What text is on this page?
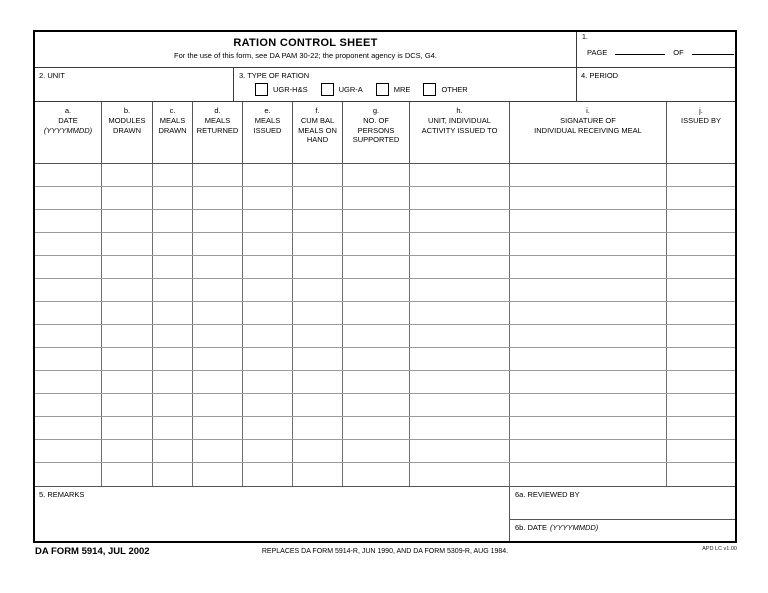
RATION CONTROL SHEET
For the use of this form, see DA PAM 30-22; the proponent agency is DCS, G4.
1.
PAGE	OF
2. UNIT	3. TYPE OF RATION
UGR-H&S	UGR-A	MRE	OTHER
4. PERIOD
a.
DATE
(YYYYMMDD)
b.
MODULES
DRAWN
c.
MEALS
DRAWN
d.
MEALS
RETURNED
e.
MEALS
ISSUED
f.
CUM BAL
MEALS ON
HAND
g.
NO. OF
PERSONS
SUPPORTED
h.
UNIT, INDIVIDUAL
ACTIVITY ISSUED TO
i.
SIGNATURE OF
INDIVIDUAL RECEIVING MEAL
j.
ISSUED BY
5. REMARKS	6a. REVIEWED BY
6b. DATE (YYYYMMDD)
DA FORM 5914, JUL 2002	REPLACES DA FORM 5914-R, JUN 1990, AND DA FORM 5309-R, AUG 1984.	APD LC v1.00
